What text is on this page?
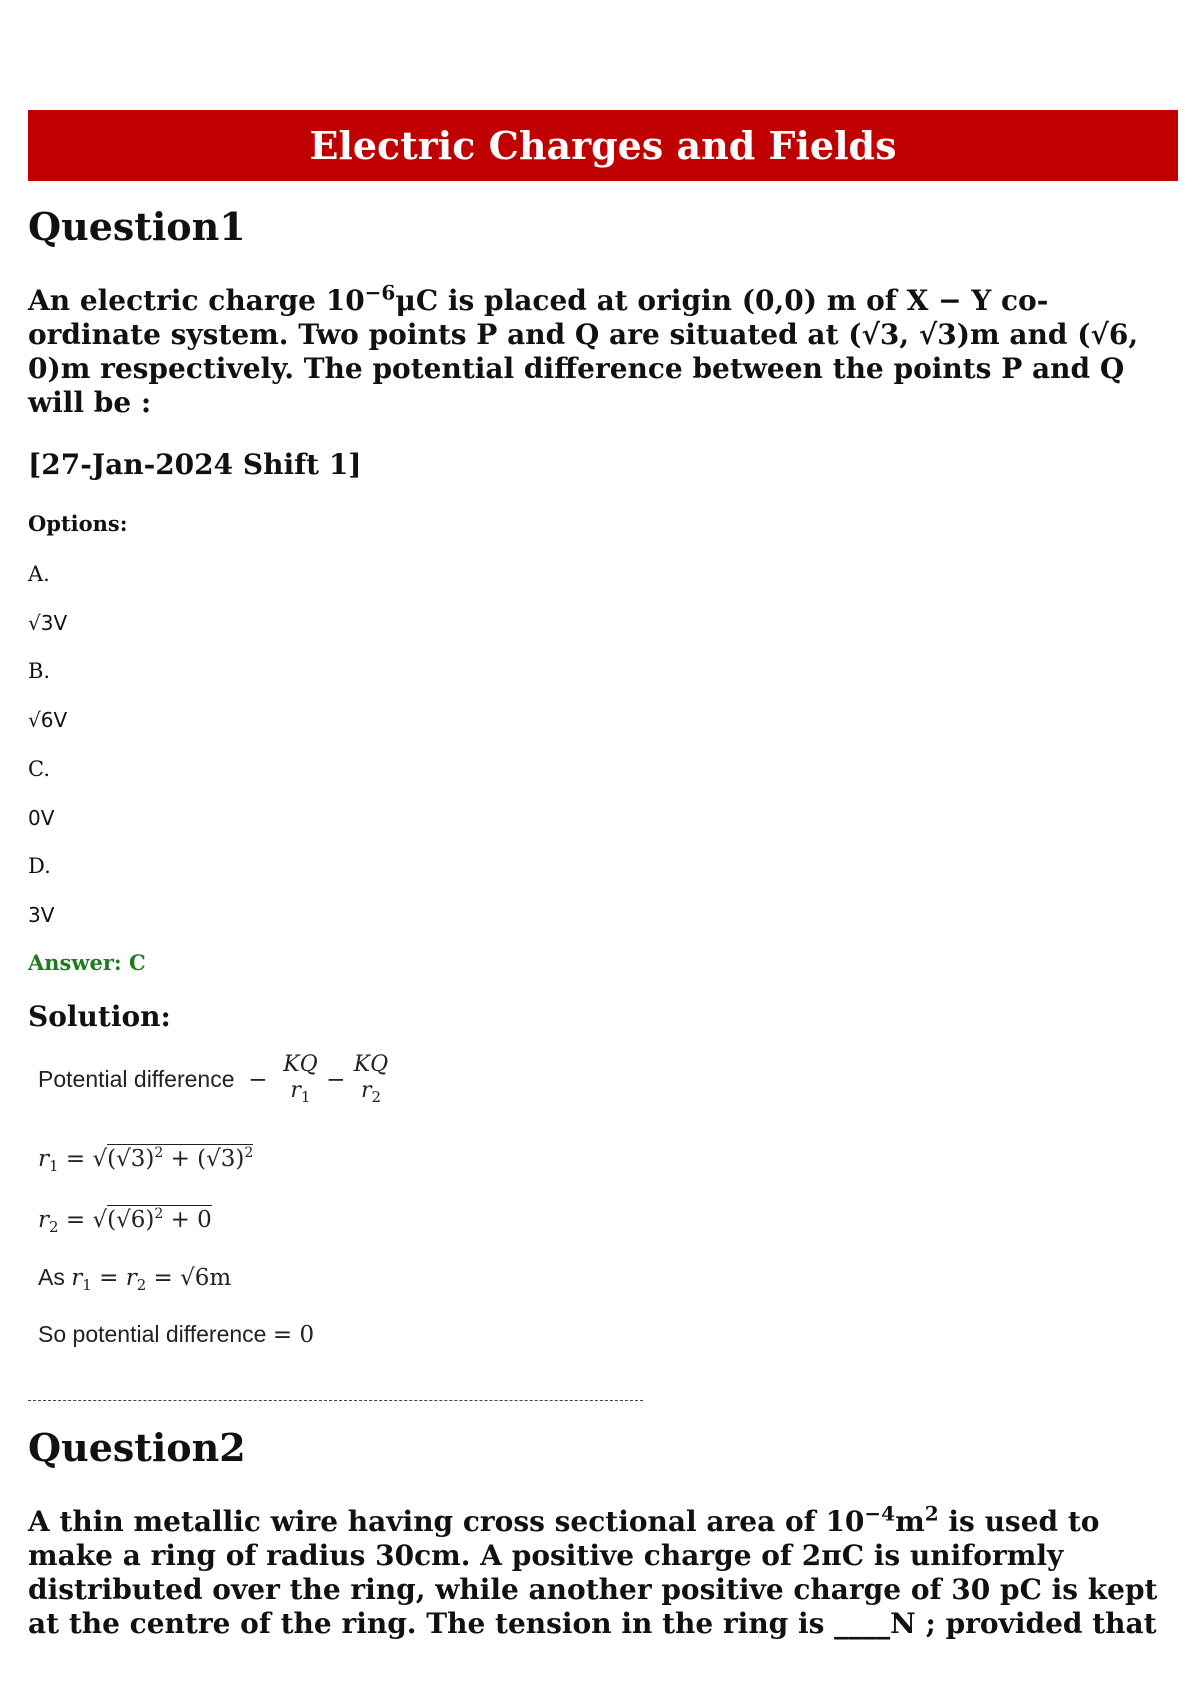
Electric Charges and Fields
Question1
An electric charge $10^{-6}\mu C$ is placed at origin (0,0) m of X − Y co-ordinate system. Two points P and Q are situated at (√3, √3)m and (√6, 0)m respectively. The potential difference between the points P and Q will be :
[27-Jan-2024 Shift 1]
Options:
A.
√3V
B.
√6V
C.
0V
D.
3V
Answer: C
Solution:
Potential difference  −
KQ
$r_1$
−
KQ
$r_2$
$r_1 = √(√3)^2 + (√3)^2$
$r_2 = √(√6)^2 + 0$
As $r_1 = r_2 = √6m$
So potential difference = 0
Question2
A thin metallic wire having cross sectional area of $10^{-4}m^2$ is used to make a ring of radius 30cm. A positive charge of 2πC is uniformly distributed over the ring, while another positive charge of 30 pC is kept at the centre of the ring. The tension in the ring is ____N ; provided that
